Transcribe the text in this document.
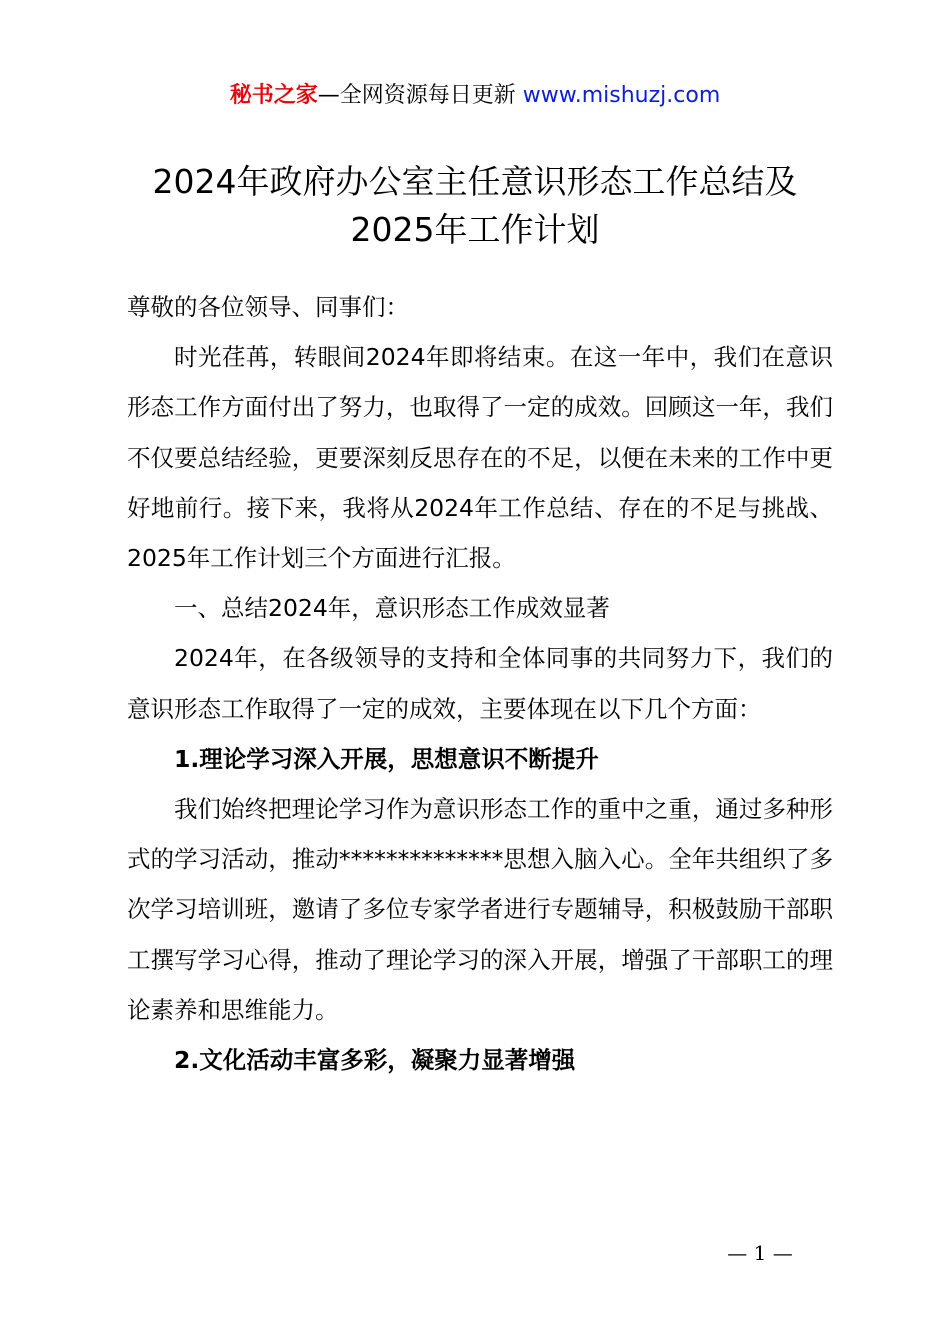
秘书之家—全网资源每日更新 www.mishuzj.com
2024年政府办公室主任意识形态工作总结及
2025年工作计划

尊敬的各位领导、同事们：

时光荏苒，转眼间2024年即将结束。在这一年中，我们在意识形态工作方面付出了努力，也取得了一定的成效。回顾这一年，我们不仅要总结经验，更要深刻反思存在的不足，以便在未来的工作中更好地前行。接下来，我将从2024年工作总结、存在的不足与挑战、2025年工作计划三个方面进行汇报。

一、总结2024年，意识形态工作成效显著

2024年，在各级领导的支持和全体同事的共同努力下，我们的意识形态工作取得了一定的成效，主要体现在以下几个方面：

1.理论学习深入开展，思想意识不断提升

我们始终把理论学习作为意识形态工作的重中之重，通过多种形式的学习活动，推动**************思想入脑入心。全年共组织了多次学习培训班，邀请了多位专家学者进行专题辅导，积极鼓励干部职工撰写学习心得，推动了理论学习的深入开展，增强了干部职工的理论素养和思维能力。

2.文化活动丰富多彩，凝聚力显著增强

— 1 —
